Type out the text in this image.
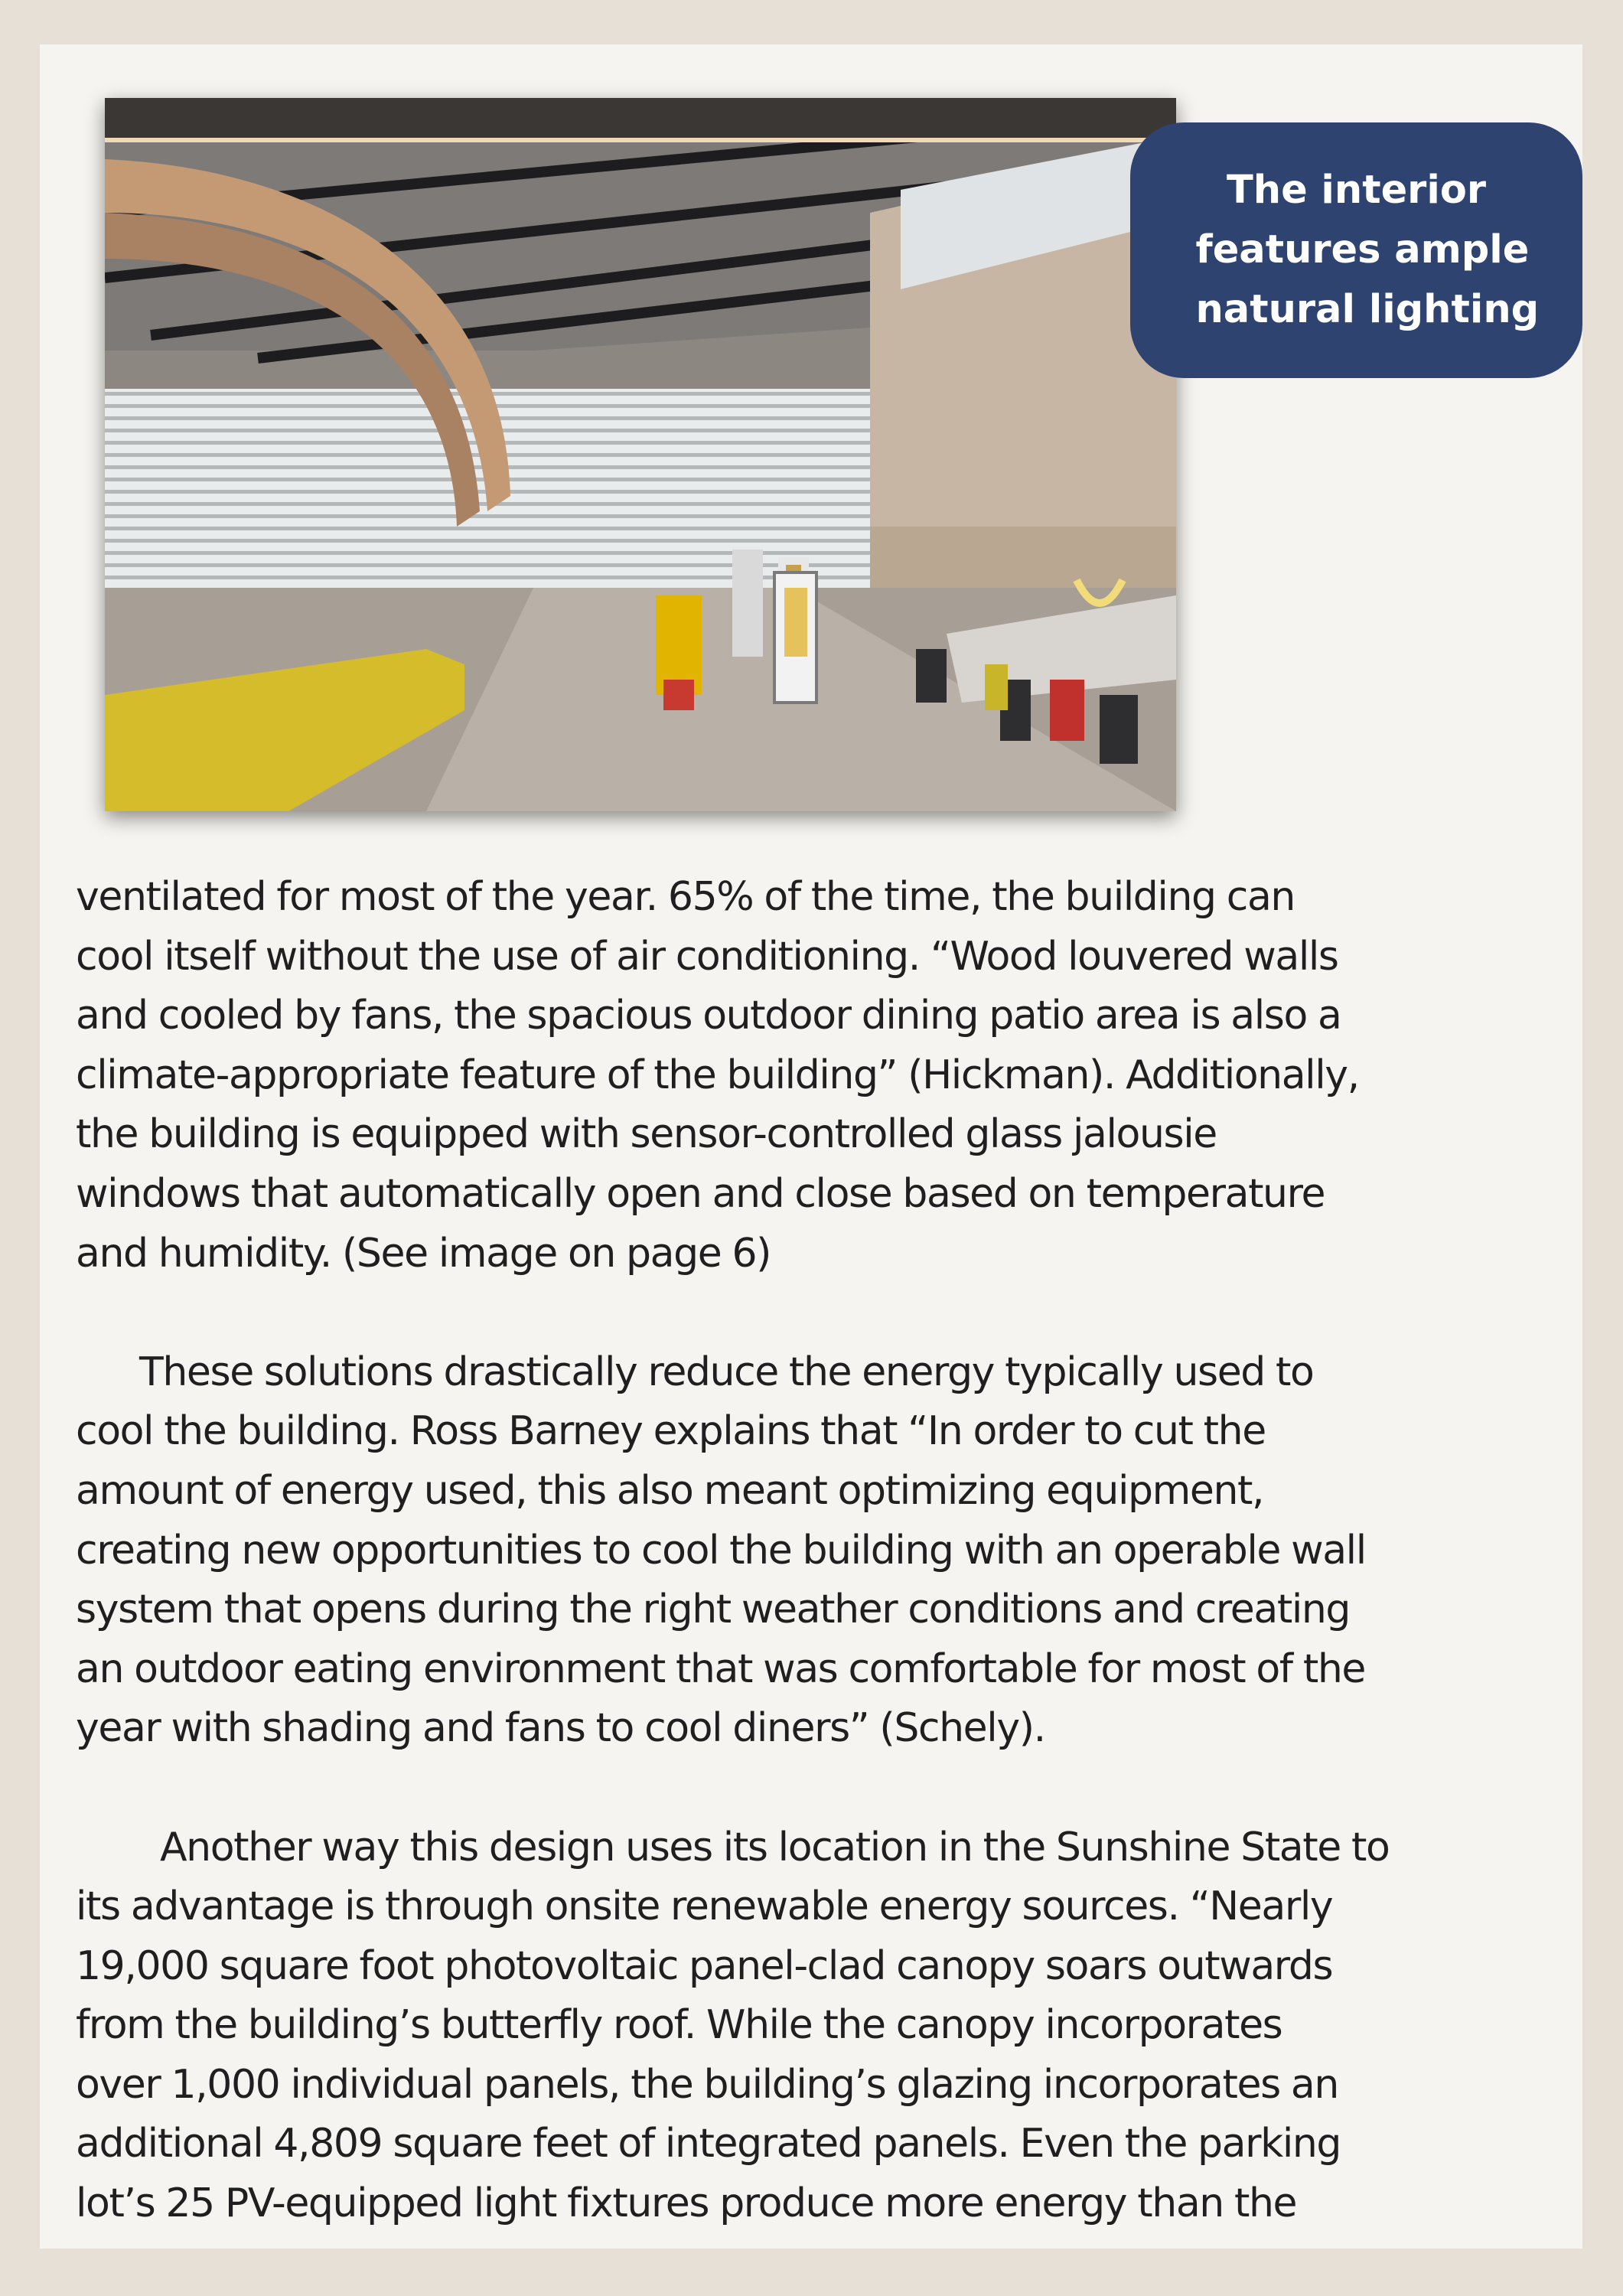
The interior
features ample
natural lighting

ventilated for most of the year. 65% of the time, the building can
cool itself without the use of air conditioning. “Wood louvered walls
and cooled by fans, the spacious outdoor dining patio area is also a
climate-appropriate feature of the building” (Hickman). Additionally,
the building is equipped with sensor-controlled glass jalousie
windows that automatically open and close based on temperature
and humidity. (See image on page 6)

These solutions drastically reduce the energy typically used to
cool the building. Ross Barney explains that “In order to cut the
amount of energy used, this also meant optimizing equipment,
creating new opportunities to cool the building with an operable wall
system that opens during the right weather conditions and creating
an outdoor eating environment that was comfortable for most of the
year with shading and fans to cool diners” (Schely).

Another way this design uses its location in the Sunshine State to
its advantage is through onsite renewable energy sources. “Nearly
19,000 square foot photovoltaic panel-clad canopy soars outwards
from the building’s butterfly roof. While the canopy incorporates
over 1,000 individual panels, the building’s glazing incorporates an
additional 4,809 square feet of integrated panels. Even the parking
lot’s 25 PV-equipped light fixtures produce more energy than the
